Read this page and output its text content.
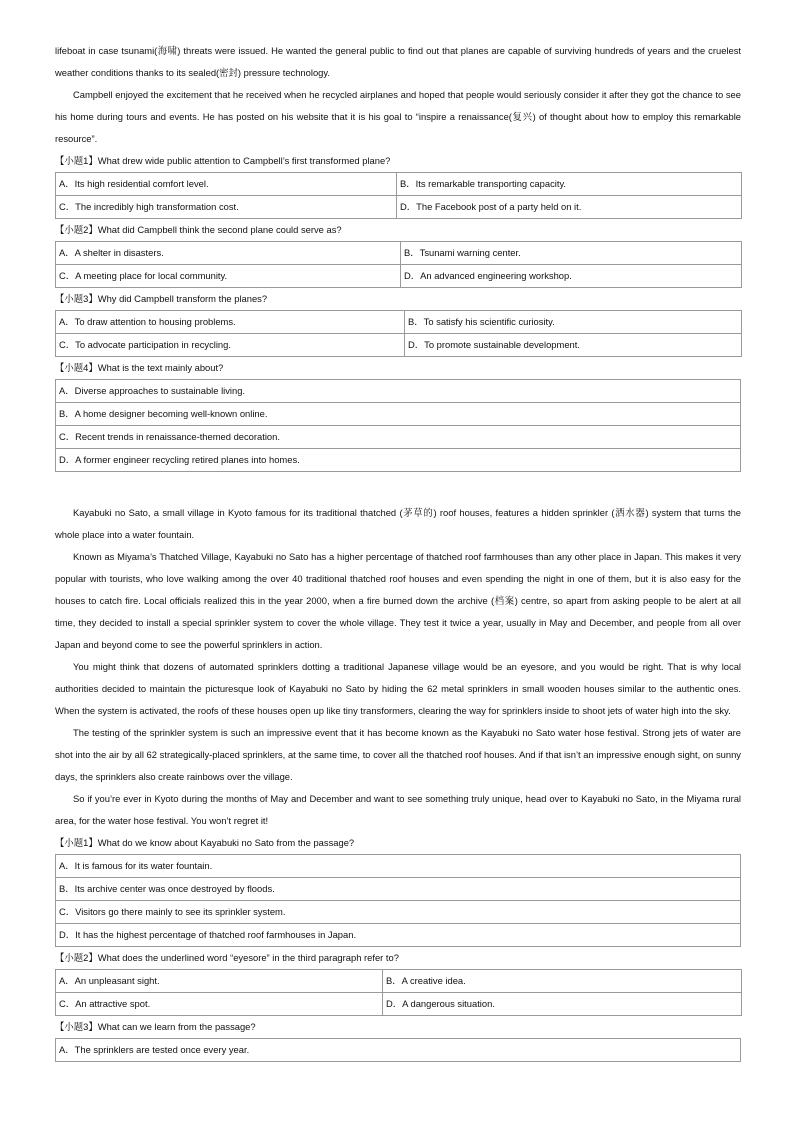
lifeboat in case tsunami(海啸) threats were issued. He wanted the general public to find out that planes are capable of surviving hundreds of years and the cruelest weather conditions thanks to its sealed(密封) pressure technology.

Campbell enjoyed the excitement that he received when he recycled airplanes and hoped that people would seriously consider it after they got the chance to see his home during tours and events. He has posted on his website that it is his goal to “inspire a renaissance(复兴) of thought about how to employ this remarkable resource”.

【小题1】What drew wide public attention to Campbell’s first transformed plane?

A．Its high residential comfort level.	B．Its remarkable transporting capacity.
C．The incredibly high transformation cost.	D．The Facebook post of a party held on it.

【小题2】What did Campbell think the second plane could serve as?

A．A shelter in disasters.	B．Tsunami warning center.
C．A meeting place for local community.	D．An advanced engineering workshop.

【小题3】Why did Campbell transform the planes?

A．To draw attention to housing problems.	B．To satisfy his scientific curiosity.
C．To advocate participation in recycling.	D．To promote sustainable development.

【小题4】What is the text mainly about?

A．Diverse approaches to sustainable living.
B．A home designer becoming well-known online.
C．Recent trends in renaissance-themed decoration.
D．A former engineer recycling retired planes into homes.

Kayabuki no Sato, a small village in Kyoto famous for its traditional thatched (茅草的) roof houses, features a hidden sprinkler (洒水器) system that turns the whole place into a water fountain.

Known as Miyama’s Thatched Village, Kayabuki no Sato has a higher percentage of thatched roof farmhouses than any other place in Japan. This makes it very popular with tourists, who love walking among the over 40 traditional thatched roof houses and even spending the night in one of them, but it is also easy for the houses to catch fire. Local officials realized this in the year 2000, when a fire burned down the archive (档案) centre, so apart from asking people to be alert at all time, they decided to install a special sprinkler system to cover the whole village. They test it twice a year, usually in May and December, and people from all over Japan and beyond come to see the powerful sprinklers in action.

You might think that dozens of automated sprinklers dotting a traditional Japanese village would be an eyesore, and you would be right. That is why local authorities decided to maintain the picturesque look of Kayabuki no Sato by hiding the 62 metal sprinklers in small wooden houses similar to the authentic ones. When the system is activated, the roofs of these houses open up like tiny transformers, clearing the way for sprinklers inside to shoot jets of water high into the sky.

The testing of the sprinkler system is such an impressive event that it has become known as the Kayabuki no Sato water hose festival. Strong jets of water are shot into the air by all 62 strategically-placed sprinklers, at the same time, to cover all the thatched roof houses. And if that isn’t an impressive enough sight, on sunny days, the sprinklers also create rainbows over the village.

So if you’re ever in Kyoto during the months of May and December and want to see something truly unique, head over to Kayabuki no Sato, in the Miyama rural area, for the water hose festival. You won’t regret it!

【小题1】What do we know about Kayabuki no Sato from the passage?

A．It is famous for its water fountain.
B．Its archive center was once destroyed by floods.
C．Visitors go there mainly to see its sprinkler system.
D．It has the highest percentage of thatched roof farmhouses in Japan.

【小题2】What does the underlined word “eyesore” in the third paragraph refer to?

A．An unpleasant sight.	B．A creative idea.
C．An attractive spot.	D．A dangerous situation.

【小题3】What can we learn from the passage?

A．The sprinklers are tested once every year.
